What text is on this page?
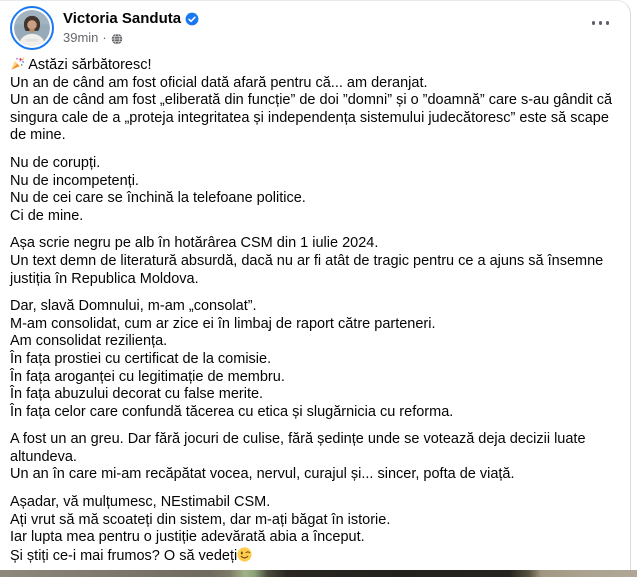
Victoria Sanduta
39min ·
Astăzi sărbătoresc!
Un an de când am fost oficial dată afară pentru că... am deranjat.
Un an de când am fost „eliberată din funcție” de doi ”domni” și o ”doamnă” care s-au gândit că singura cale de a „proteja integritatea și independența sistemului judecătoresc” este să scape de mine.
Nu de corupți.
Nu de incompetenți.
Nu de cei care se închină la telefoane politice.
Ci de mine.
Așa scrie negru pe alb în hotărârea CSM din 1 iulie 2024.
Un text demn de literatură absurdă, dacă nu ar fi atât de tragic pentru ce a ajuns să însemne justiția în Republica Moldova.
Dar, slavă Domnului, m-am „consolat”.
M-am consolidat, cum ar zice ei în limbaj de raport către parteneri.
Am consolidat reziliența.
În fața prostiei cu certificat de la comisie.
În fața aroganței cu legitimație de membru.
În fața abuzului decorat cu false merite.
În fața celor care confundă tăcerea cu etica și slugărnicia cu reforma.
A fost un an greu. Dar fără jocuri de culise, fără ședințe unde se votează deja decizii luate altundeva.
Un an în care mi-am recăpătat vocea, nervul, curajul și... sincer, pofta de viață.
Așadar, vă mulțumesc, NEstimabil CSM.
Ați vrut să mă scoateți din sistem, dar m-ați băgat în istorie.
Iar lupta mea pentru o justiție adevărată abia a început.
Și știți ce-i mai frumos? O să vedeți
